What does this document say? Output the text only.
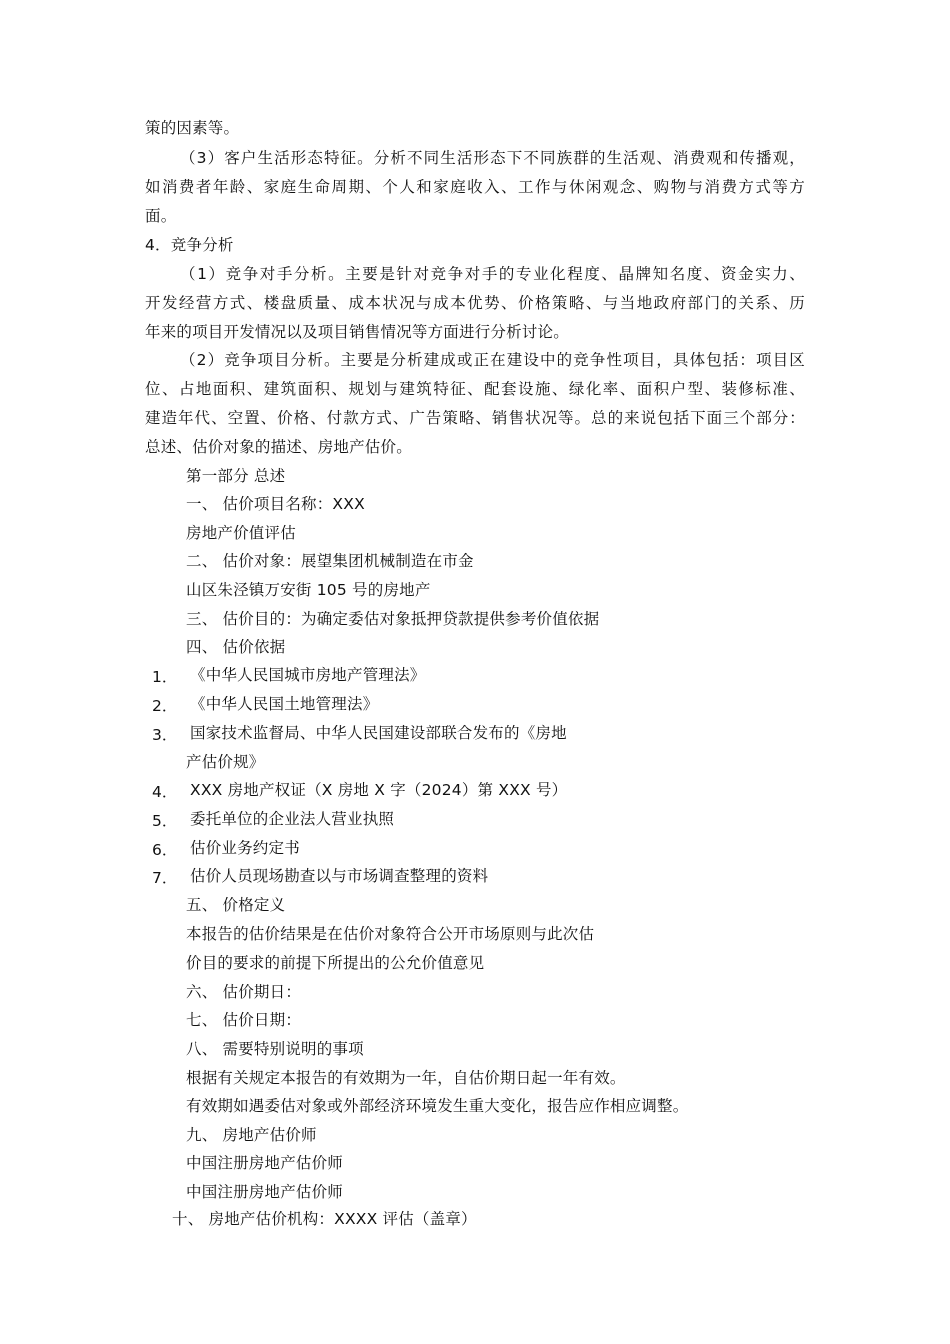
策的因素等。
（3）客户生活形态特征。分析不同生活形态下不同族群的生活观、消费观和传播观，
如消费者年龄、家庭生命周期、个人和家庭收入、工作与休闲观念、购物与消费方式等方
面。
4．竞争分析
（1）竞争对手分析。主要是针对竞争对手的专业化程度、晶牌知名度、资金实力、
开发经营方式、楼盘质量、成本状况与成本优势、价格策略、与当地政府部门的关系、历
年来的项目开发情况以及项目销售情况等方面进行分析讨论。
（2）竞争项目分析。主要是分析建成或正在建设中的竞争性项目，具体包括：项目区
位、占地面积、建筑面积、规划与建筑特征、配套设施、绿化率、面积户型、装修标准、
建造年代、空置、价格、付款方式、广告策略、销售状况等。总的来说包括下面三个部分：
总述、估价对象的描述、房地产估价。
第一部分 总述
一、 估价项目名称：XXX
房地产价值评估
二、 估价对象：展望集团机械制造在市金
山区朱泾镇万安街 105 号的房地产
三、 估价目的：为确定委估对象抵押贷款提供参考价值依据
四、 估价依据
1． 《中华人民国城市房地产管理法》
2． 《中华人民国土地管理法》
3． 国家技术监督局、中华人民国建设部联合发布的《房地
产估价规》
4． XXX 房地产权证（X 房地 X 字（2024）第 XXX 号）
5． 委托单位的企业法人营业执照
6． 估价业务约定书
7． 估价人员现场勘查以与市场调查整理的资料
五、 价格定义
本报告的估价结果是在估价对象符合公开市场原则与此次估
价目的要求的前提下所提出的公允价值意见
六、 估价期日：
七、 估价日期：
八、 需要特别说明的事项
根据有关规定本报告的有效期为一年，自估价期日起一年有效。
有效期如遇委估对象或外部经济环境发生重大变化，报告应作相应调整。
九、 房地产估价师
中国注册房地产估价师
中国注册房地产估价师
十、 房地产估价机构：XXXX 评估（盖章）
